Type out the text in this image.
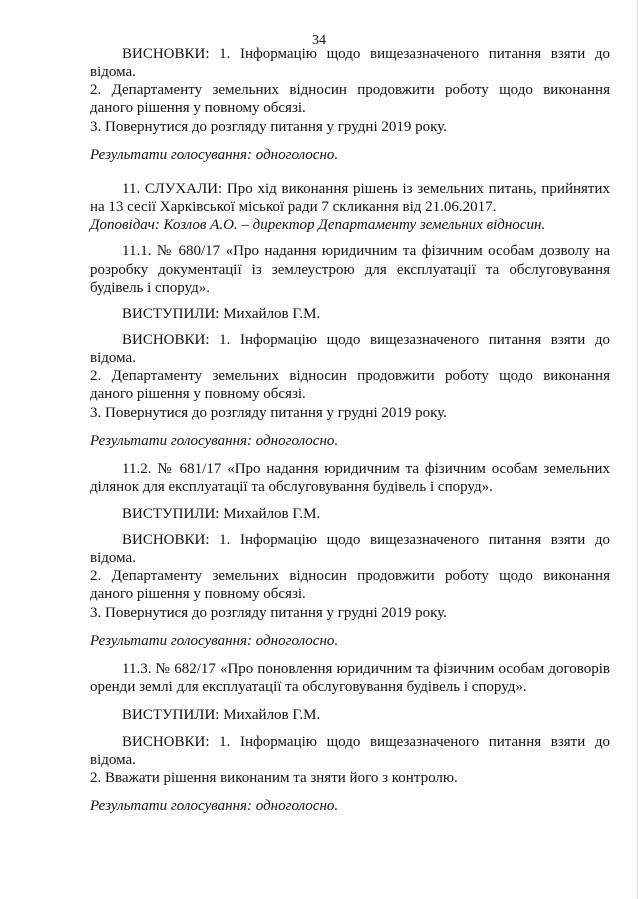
34
ВИСНОВКИ: 1. Інформацію щодо вищезазначеного питання взяти до
відома.
2. Департаменту земельних відносин продовжити роботу щодо виконання
даного рішення у повному обсязі.
3. Повернутися до розгляду питання у грудні 2019 року.
Результати голосування: одноголосно.
11. СЛУХАЛИ: Про хід виконання рішень із земельних питань, прийнятих
на 13 сесії Харківської міської ради 7 скликання від 21.06.2017.
Доповідач: Козлов А.О. – директор Департаменту земельних відносин.
11.1. № 680/17 «Про надання юридичним та фізичним особам дозволу на
розробку документації із землеустрою для експлуатації та обслуговування
будівель і споруд».
ВИСТУПИЛИ: Михайлов Г.М.
ВИСНОВКИ: 1. Інформацію щодо вищезазначеного питання взяти до
відома.
2. Департаменту земельних відносин продовжити роботу щодо виконання
даного рішення у повному обсязі.
3. Повернутися до розгляду питання у грудні 2019 року.
Результати голосування: одноголосно.
11.2. № 681/17 «Про надання юридичним та фізичним особам земельних
ділянок для експлуатації та обслуговування будівель і споруд».
ВИСТУПИЛИ: Михайлов Г.М.
ВИСНОВКИ: 1. Інформацію щодо вищезазначеного питання взяти до
відома.
2. Департаменту земельних відносин продовжити роботу щодо виконання
даного рішення у повному обсязі.
3. Повернутися до розгляду питання у грудні 2019 року.
Результати голосування: одноголосно.
11.3. № 682/17 «Про поновлення юридичним та фізичним особам договорів
оренди землі для експлуатації та обслуговування будівель і споруд».
ВИСТУПИЛИ: Михайлов Г.М.
ВИСНОВКИ: 1. Інформацію щодо вищезазначеного питання взяти до
відома.
2. Вважати рішення виконаним та зняти його з контролю.
Результати голосування: одноголосно.
